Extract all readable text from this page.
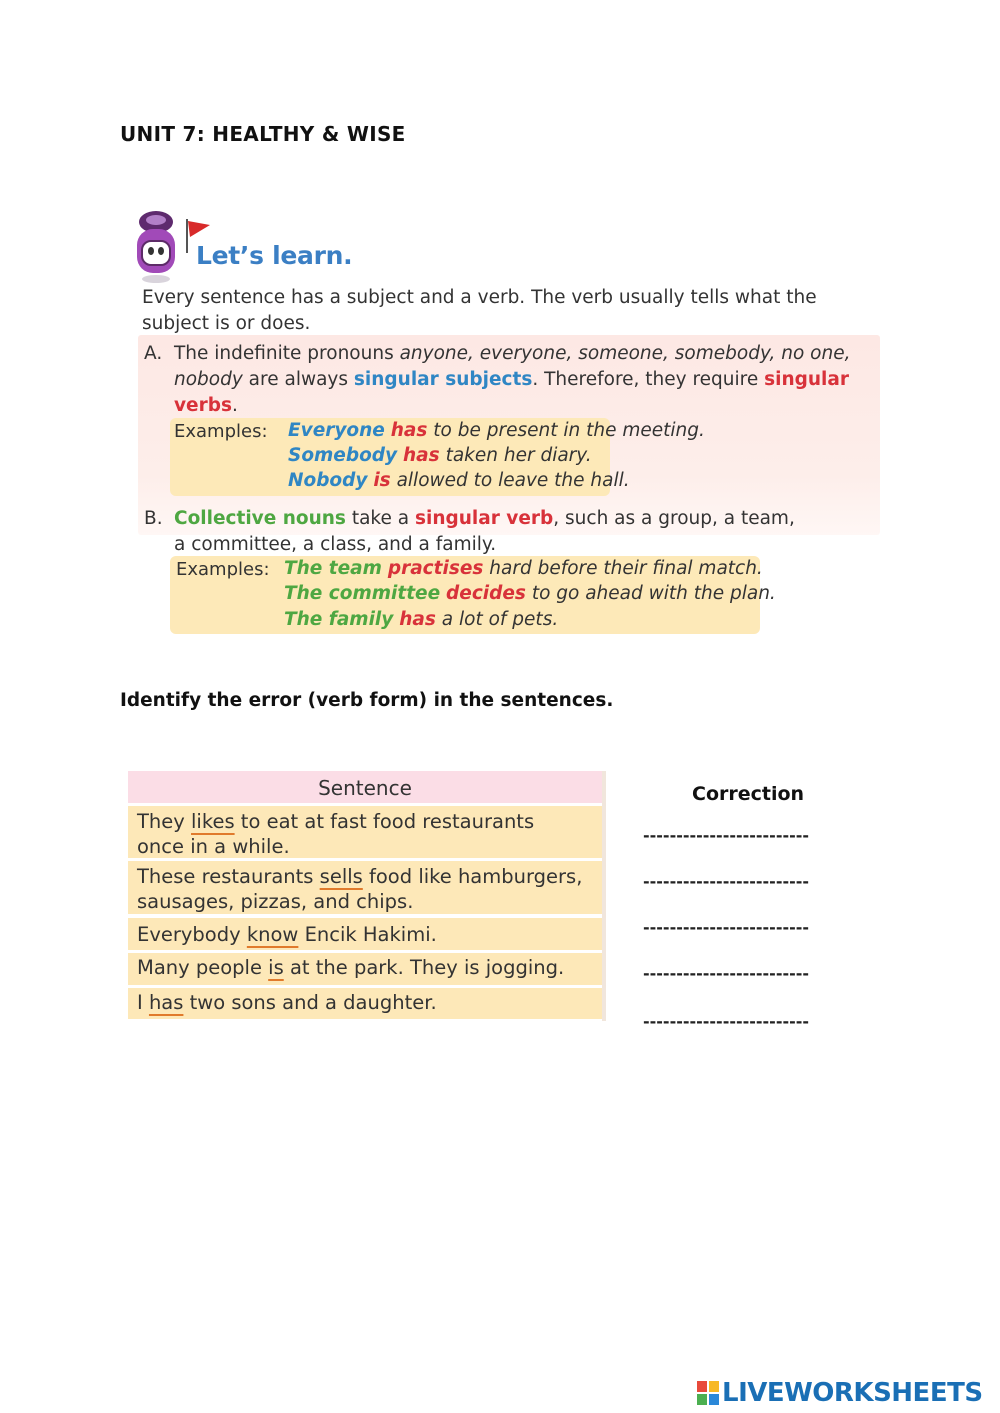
UNIT 7: HEALTHY & WISE
Let’s learn.
Every sentence has a subject and a verb. The verb usually tells what the subject is or does.
A. The indefinite pronouns anyone, everyone, someone, somebody, no one,
nobody are always singular subjects. Therefore, they require singular
verbs.
Examples: Everyone has to be present in the meeting.
Somebody has taken her diary.
Nobody is allowed to leave the hall.
B. Collective nouns take a singular verb, such as a group, a team,
a committee, a class, and a family.
Examples: The team practises hard before their final match.
The committee decides to go ahead with the plan.
The family has a lot of pets.
Identify the error (verb form) in the sentences.
Sentence
They likes to eat at fast food restaurants
once in a while.
These restaurants sells food like hamburgers,
sausages, pizzas, and chips.
Everybody know Encik Hakimi.
Many people is at the park. They is jogging.
I has two sons and a daughter.
Correction
-------------------------
-------------------------
-------------------------
-------------------------
-------------------------
LIVEWORKSHEETS
